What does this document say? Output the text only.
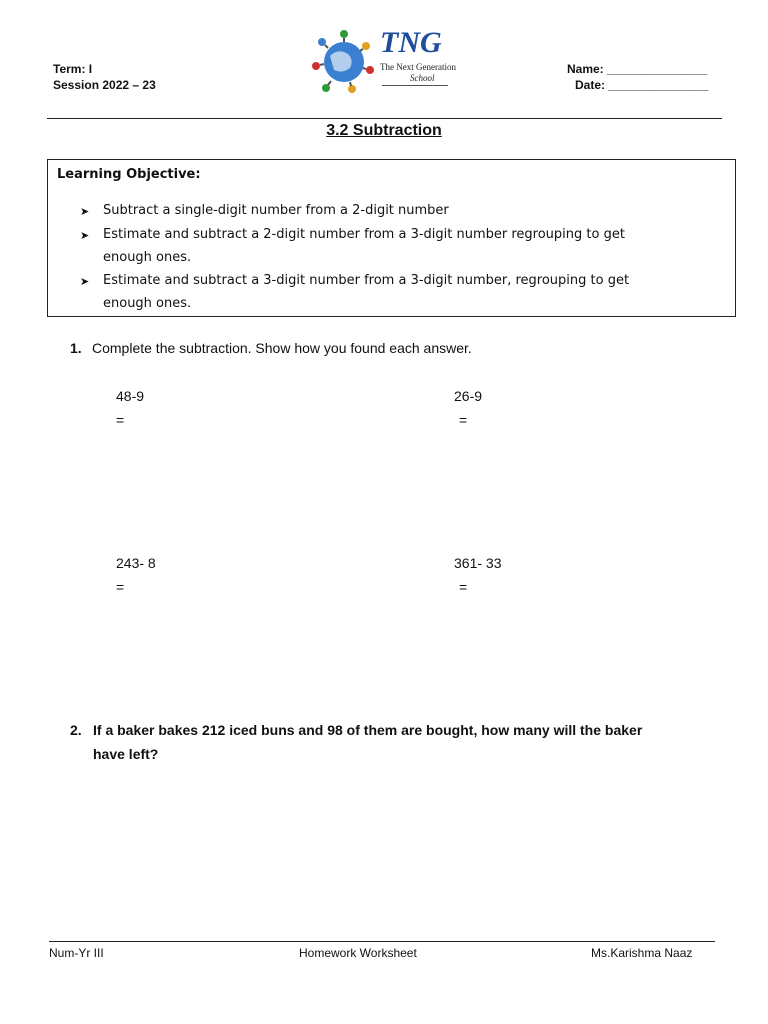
Term: I
Session 2022 – 23
Name: _______________
Date: _______________
TNG
The Next Generation
School
3.2 Subtraction
Learning Objective:
➤ Subtract a single-digit number from a 2-digit number
➤ Estimate and subtract a 2-digit number from a 3-digit number regrouping to get
enough ones.
➤ Estimate and subtract a 3-digit number from a 3-digit number, regrouping to get
enough ones.
1. Complete the subtraction. Show how you found each answer.
48-9
=
26-9
=
243- 8
=
361- 33
=
2. If a baker bakes 212 iced buns and 98 of them are bought, how many will the baker
have left?
Num-Yr III	Homework Worksheet	Ms.Karishma Naaz
